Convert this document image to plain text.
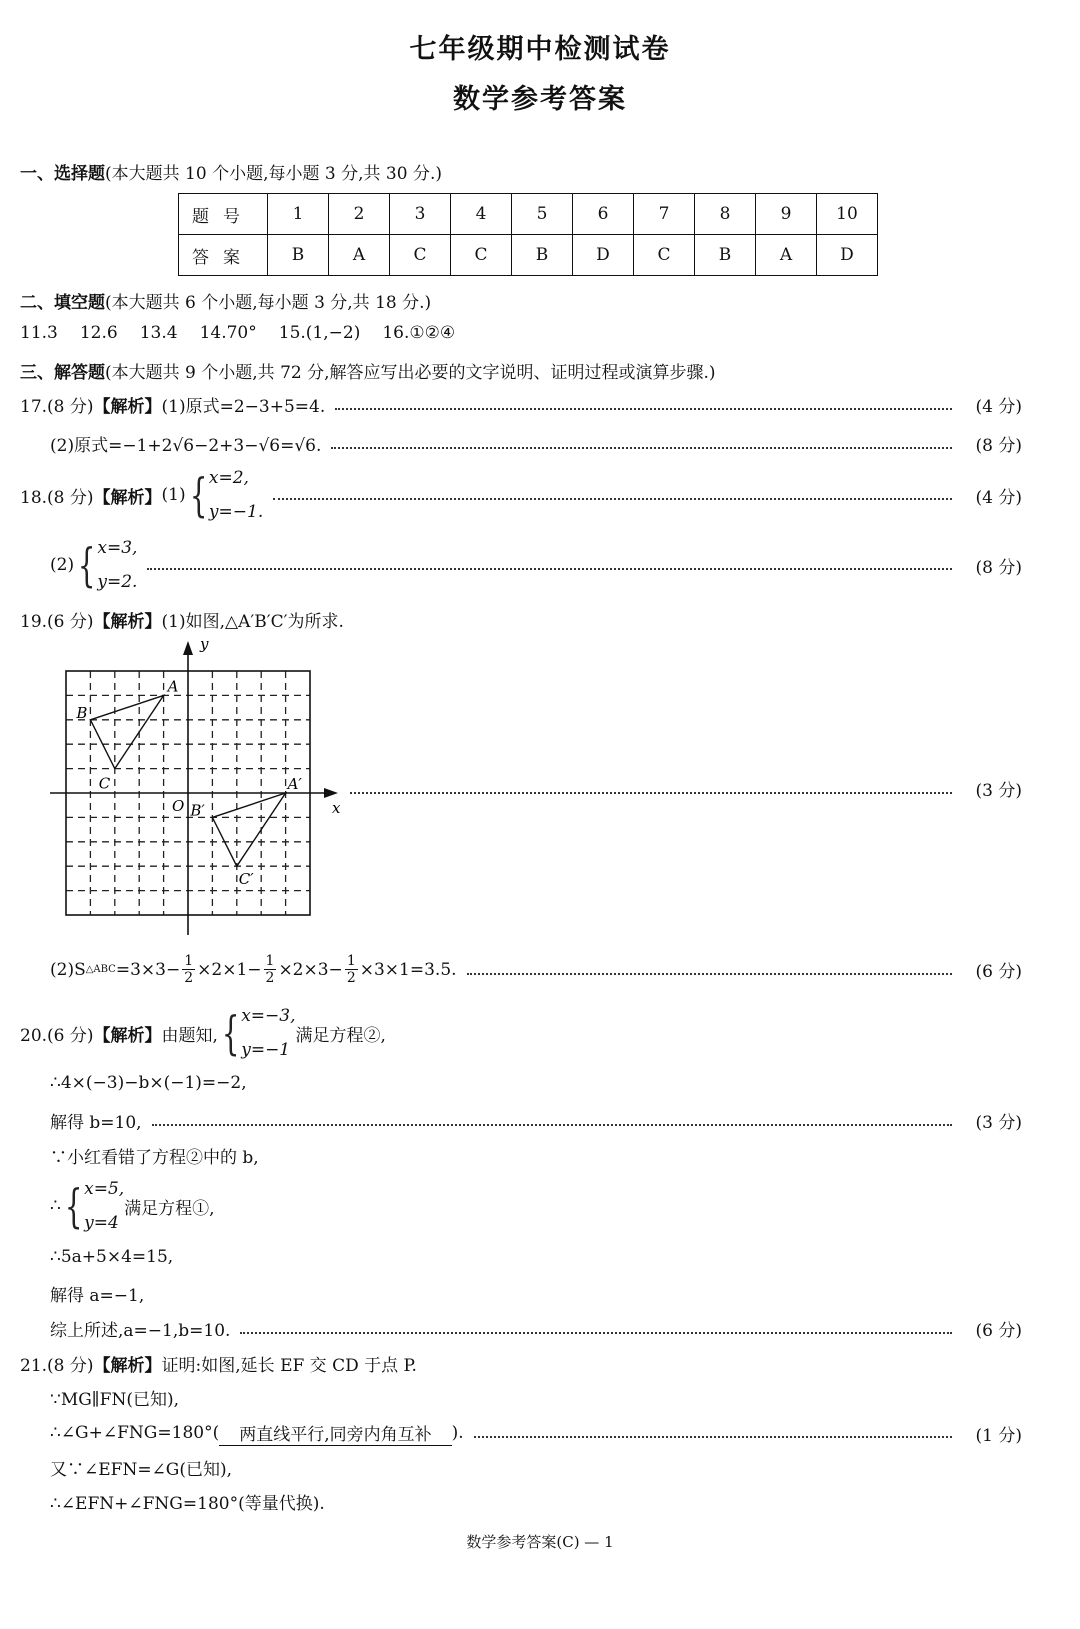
七年级期中检测试卷
数学参考答案
一、选择题(本大题共 10 个小题,每小题 3 分,共 30 分.)
题号	1	2	3	4	5	6	7	8	9	10
答案	B	A	C	C	B	D	C	B	A	D
二、填空题(本大题共 6 个小题,每小题 3 分,共 18 分.)
11.3 12.6 13.4 14.70° 15.(1,−2) 16.①②④
三、解答题(本大题共 9 个小题,共 72 分,解答应写出必要的文字说明、证明过程或演算步骤.)
17.(8 分) 【解析】 (1)原式=2−3+5=4.	(4 分)
(2)原式=−1+2√6−2+3−√6=√6.	(8 分)
18.(8 分) 【解析】 (1) { x=2,
y=−1.
(4 分)
(2) { x=3,
y=2.
(8 分)
19.(6 分) 【解析】 (1)如图,△A′B′C′为所求.
y
x
O
A
B
C	A′
B′
C′
(3 分)
(2)S △ABC $=3\times 3- \frac{1}{2} \times 2\times 1- \frac{1}{2} \times 2\times 3- \frac{1}{2} \times 3\times 1=3.5$.	(6 分)
20.(6 分) 【解析】 由题知, { x=−3,
y=−1
满足方程②,
∴4×(−3)−b×(−1)=−2,
解得 b=10,	(3 分)
∵小红看错了方程②中的 b,
∴ { x=5,
y=4
满足方程①,
∴5a+5×4=15,
解得 a=−1,
综上所述,a=−1,b=10.	(6 分)
21.(8 分) 【解析】 证明:如图,延长 EF 交 CD 于点 P.
∵MG∥FN(已知),
∴∠G+∠FNG=180°(	两直线平行,同旁内角互补	).	(1 分)
又∵∠EFN=∠G(已知),
∴∠EFN+∠FNG=180°(等量代换).
数学参考答案(C) — 1
